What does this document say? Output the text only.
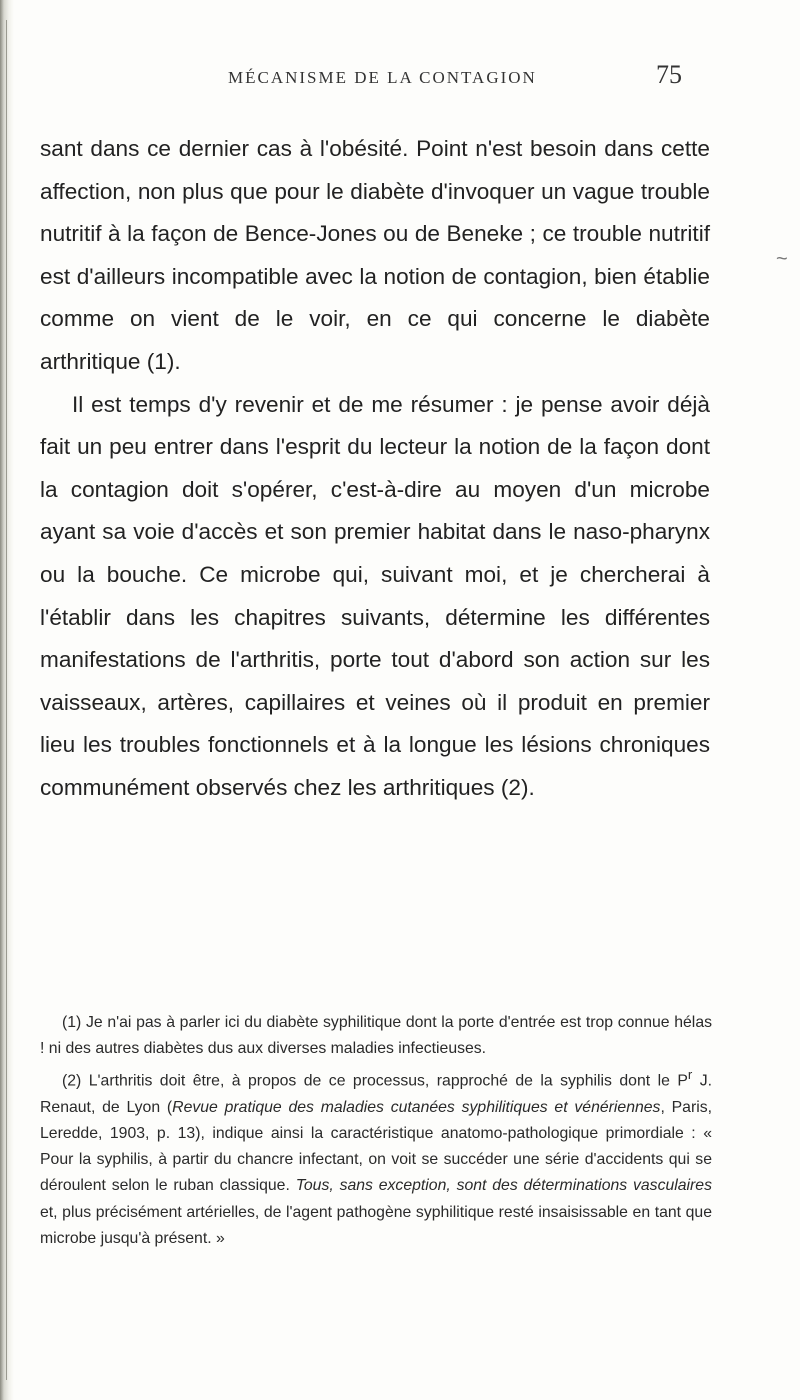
MÉCANISME DE LA CONTAGION	75
~

sant dans ce dernier cas à l'obésité. Point n'est besoin dans cette affection, non plus que pour le diabète d'invoquer un vague trouble nutritif à la façon de Bence-Jones ou de Beneke ; ce trouble nutritif est d'ailleurs incompatible avec la notion de contagion, bien établie comme on vient de le voir, en ce qui concerne le diabète arthritique (1).

Il est temps d'y revenir et de me résumer : je pense avoir déjà fait un peu entrer dans l'esprit du lecteur la notion de la façon dont la contagion doit s'opérer, c'est-à-dire au moyen d'un microbe ayant sa voie d'accès et son premier habitat dans le naso-pharynx ou la bouche. Ce microbe qui, suivant moi, et je chercherai à l'établir dans les chapitres suivants, détermine les différentes manifestations de l'arthritis, porte tout d'abord son action sur les vaisseaux, artères, capillaires et veines où il produit en premier lieu les troubles fonctionnels et à la longue les lésions chroniques communément observés chez les arthritiques (2).

(1) Je n'ai pas à parler ici du diabète syphilitique dont la porte d'entrée est trop connue hélas ! ni des autres diabètes dus aux diverses maladies infectieuses.

(2) L'arthritis doit être, à propos de ce processus, rapproché de la syphilis dont le $P^r$ J. Renaut, de Lyon (Revue pratique des maladies cutanées syphilitiques et vénériennes, Paris, Leredde, 1903, p. 13), indique ainsi la caractéristique anatomo-pathologique primordiale : « Pour la syphilis, à partir du chancre infectant, on voit se succéder une série d'accidents qui se déroulent selon le ruban classique. Tous, sans exception, sont des déterminations vasculaires et, plus précisément artérielles, de l'agent pathogène syphilitique resté insaisissable en tant que microbe jusqu'à présent. »
